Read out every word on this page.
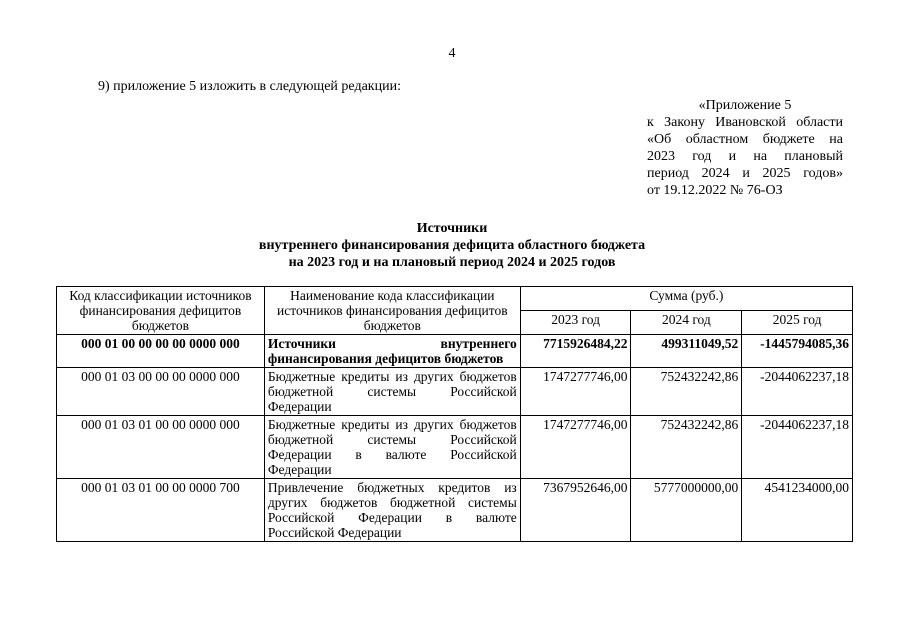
4
9) приложение 5 изложить в следующей редакции:
«Приложение 5
к Закону Ивановской области
«Об областном бюджете на
2023 год и на плановый
период 2024 и 2025 годов»
от 19.12.2022 № 76-ОЗ
Источники
внутреннего финансирования дефицита областного бюджета
на 2023 год и на плановый период 2024 и 2025 годов
Код классификации источников финансирования дефицитов бюджетов	Наименование кода классификации источников финансирования дефицитов бюджетов	Сумма (руб.)		
		2023 год	2024 год	2025 год
000 01 00 00 00 00 0000 000	Источники внутреннего финансирования дефицитов бюджетов	7715926484,22	499311049,52	-1445794085,36
000 01 03 00 00 00 0000 000	Бюджетные кредиты из других бюджетов бюджетной системы Российской Федерации	1747277746,00	752432242,86	-2044062237,18
000 01 03 01 00 00 0000 000	Бюджетные кредиты из других бюджетов бюджетной системы Российской Федерации в валюте Российской Федерации	1747277746,00	752432242,86	-2044062237,18
000 01 03 01 00 00 0000 700	Привлечение бюджетных кредитов из других бюджетов бюджетной системы Российской Федерации в валюте Российской Федерации	7367952646,00	5777000000,00	4541234000,00
